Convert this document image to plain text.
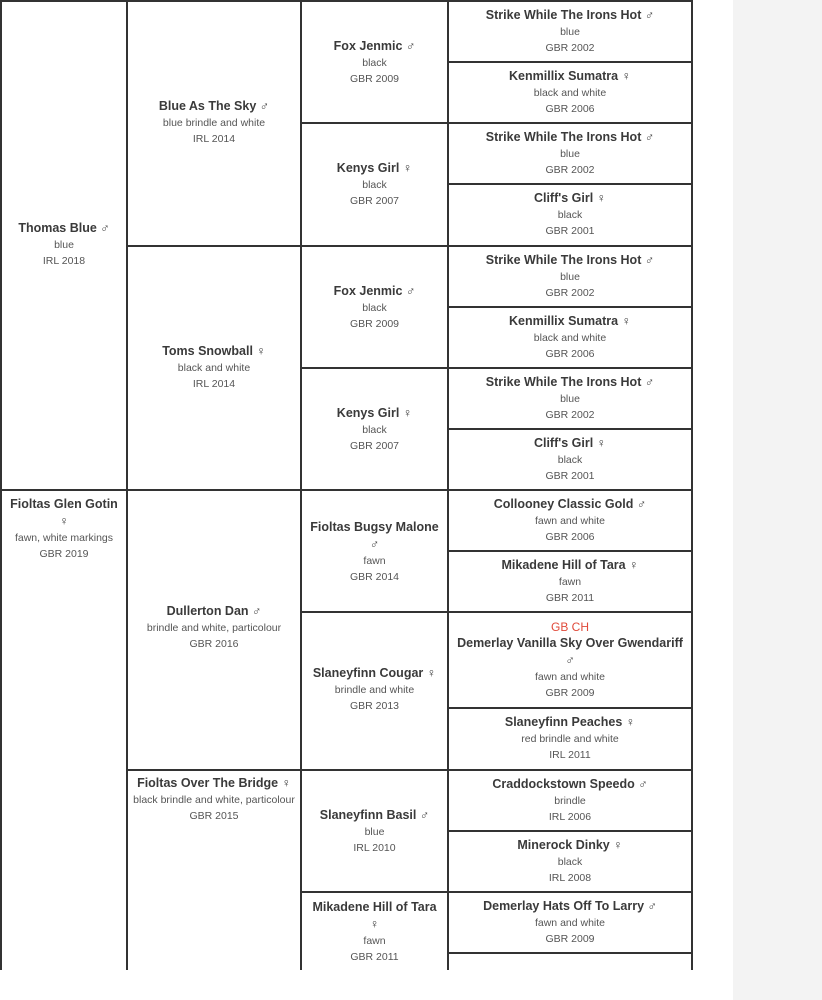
Thomas Blue ♂
blue
IRL 2018
Fioltas Glen Gotin
♀
fawn, white markings
GBR 2019
Blue As The Sky ♂
blue brindle and white
IRL 2014
Toms Snowball ♀
black and white
IRL 2014
Dullerton Dan ♂
brindle and white, particolour
GBR 2016
Fioltas Over The Bridge ♀
black brindle and white, particolour
GBR 2015
Fox Jenmic ♂
black
GBR 2009
Kenys Girl ♀
black
GBR 2007
Fox Jenmic ♂
black
GBR 2009
Kenys Girl ♀
black
GBR 2007
Fioltas Bugsy Malone
♂
fawn
GBR 2014
Slaneyfinn Cougar ♀
brindle and white
GBR 2013
Slaneyfinn Basil ♂
blue
IRL 2010
Mikadene Hill of Tara
♀
fawn
GBR 2011
Strike While The Irons Hot ♂
blue
GBR 2002
Kenmillix Sumatra ♀
black and white
GBR 2006
Strike While The Irons Hot ♂
blue
GBR 2002
Cliff's Girl ♀
black
GBR 2001
Strike While The Irons Hot ♂
blue
GBR 2002
Kenmillix Sumatra ♀
black and white
GBR 2006
Strike While The Irons Hot ♂
blue
GBR 2002
Cliff's Girl ♀
black
GBR 2001
Collooney Classic Gold ♂
fawn and white
GBR 2006
Mikadene Hill of Tara ♀
fawn
GBR 2011
GB CH
Demerlay Vanilla Sky Over Gwendariff
♂
fawn and white
GBR 2009
Slaneyfinn Peaches ♀
red brindle and white
IRL 2011
Craddockstown Speedo ♂
brindle
IRL 2006
Minerock Dinky ♀
black
IRL 2008
Demerlay Hats Off To Larry ♂
fawn and white
GBR 2009
